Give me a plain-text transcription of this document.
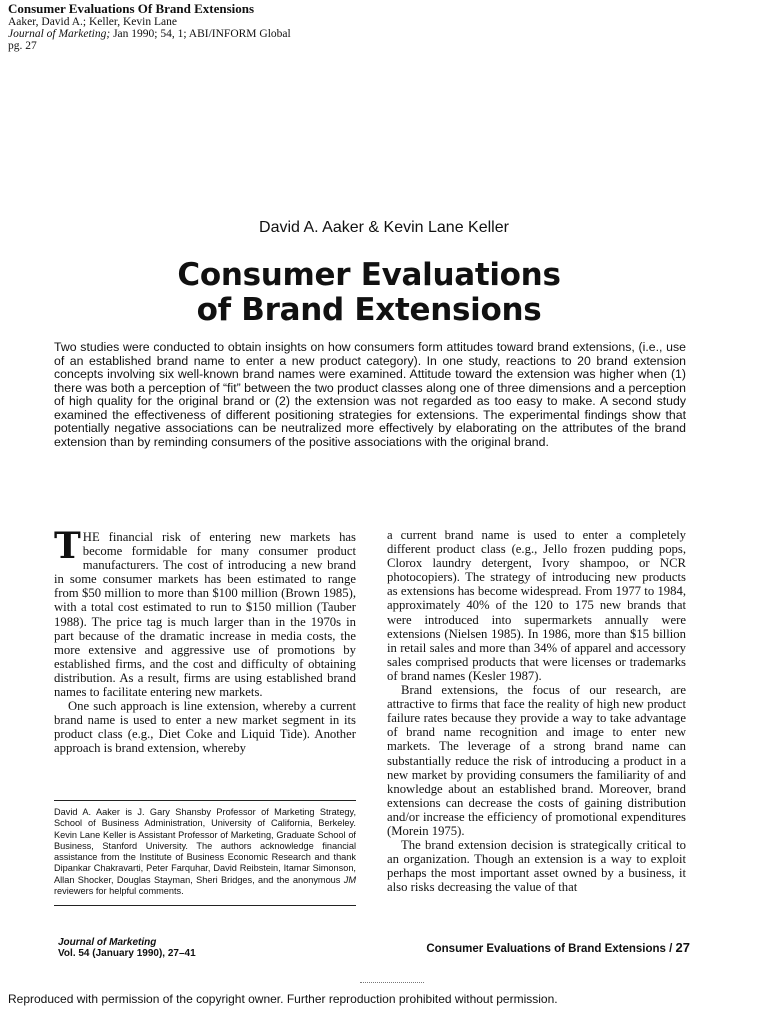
Consumer Evaluations Of Brand Extensions
Aaker, David A.; Keller, Kevin Lane
Journal of Marketing; Jan 1990; 54, 1; ABI/INFORM Global
pg. 27
David A. Aaker & Kevin Lane Keller
Consumer Evaluations
of Brand Extensions
Two studies were conducted to obtain insights on how consumers form attitudes toward brand extensions, (i.e., use of an established brand name to enter a new product category). In one study, reactions to 20 brand extension concepts involving six well-known brand names were examined. Attitude toward the extension was higher when (1) there was both a perception of “fit” between the two product classes along one of three dimensions and a perception of high quality for the original brand or (2) the extension was not regarded as too easy to make. A second study examined the effectiveness of different positioning strategies for extensions. The experimental findings show that potentially negative associations can be neutralized more effectively by elaborating on the attributes of the brand extension than by reminding consumers of the positive associations with the original brand.

THE financial risk of entering new markets has become formidable for many consumer product manufacturers. The cost of introducing a new brand in some consumer markets has been estimated to range from $50 million to more than $100 million (Brown 1985), with a total cost estimated to run to $150 million (Tauber 1988). The price tag is much larger than in the 1970s in part because of the dramatic increase in media costs, the more extensive and aggressive use of promotions by established firms, and the cost and difficulty of obtaining distribution. As a result, firms are using established brand names to facilitate entering new markets.

One such approach is line extension, whereby a current brand name is used to enter a new market segment in its product class (e.g., Diet Coke and Liquid Tide). Another approach is brand extension, whereby

David A. Aaker is J. Gary Shansby Professor of Marketing Strategy, School of Business Administration, University of California, Berkeley. Kevin Lane Keller is Assistant Professor of Marketing, Graduate School of Business, Stanford University. The authors acknowledge financial assistance from the Institute of Business Economic Research and thank Dipankar Chakravarti, Peter Farquhar, David Reibstein, Itamar Simonson, Allan Shocker, Douglas Stayman, Sheri Bridges, and the anonymous JM reviewers for helpful comments.

a current brand name is used to enter a completely different product class (e.g., Jello frozen pudding pops, Clorox laundry detergent, Ivory shampoo, or NCR photocopiers). The strategy of introducing new products as extensions has become widespread. From 1977 to 1984, approximately 40% of the 120 to 175 new brands that were introduced into supermarkets annually were extensions (Nielsen 1985). In 1986, more than $15 billion in retail sales and more than 34% of apparel and accessory sales comprised products that were licenses or trademarks of brand names (Kesler 1987).

Brand extensions, the focus of our research, are attractive to firms that face the reality of high new product failure rates because they provide a way to take advantage of brand name recognition and image to enter new markets. The leverage of a strong brand name can substantially reduce the risk of introducing a product in a new market by providing consumers the familiarity of and knowledge about an established brand. Moreover, brand extensions can decrease the costs of gaining distribution and/or increase the efficiency of promotional expenditures (Morein 1975).

The brand extension decision is strategically critical to an organization. Though an extension is a way to exploit perhaps the most important asset owned by a business, it also risks decreasing the value of that

Journal of Marketing
Vol. 54 (January 1990), 27–41	Consumer Evaluations of Brand Extensions / 27
Reproduced with permission of the copyright owner. Further reproduction prohibited without permission.
